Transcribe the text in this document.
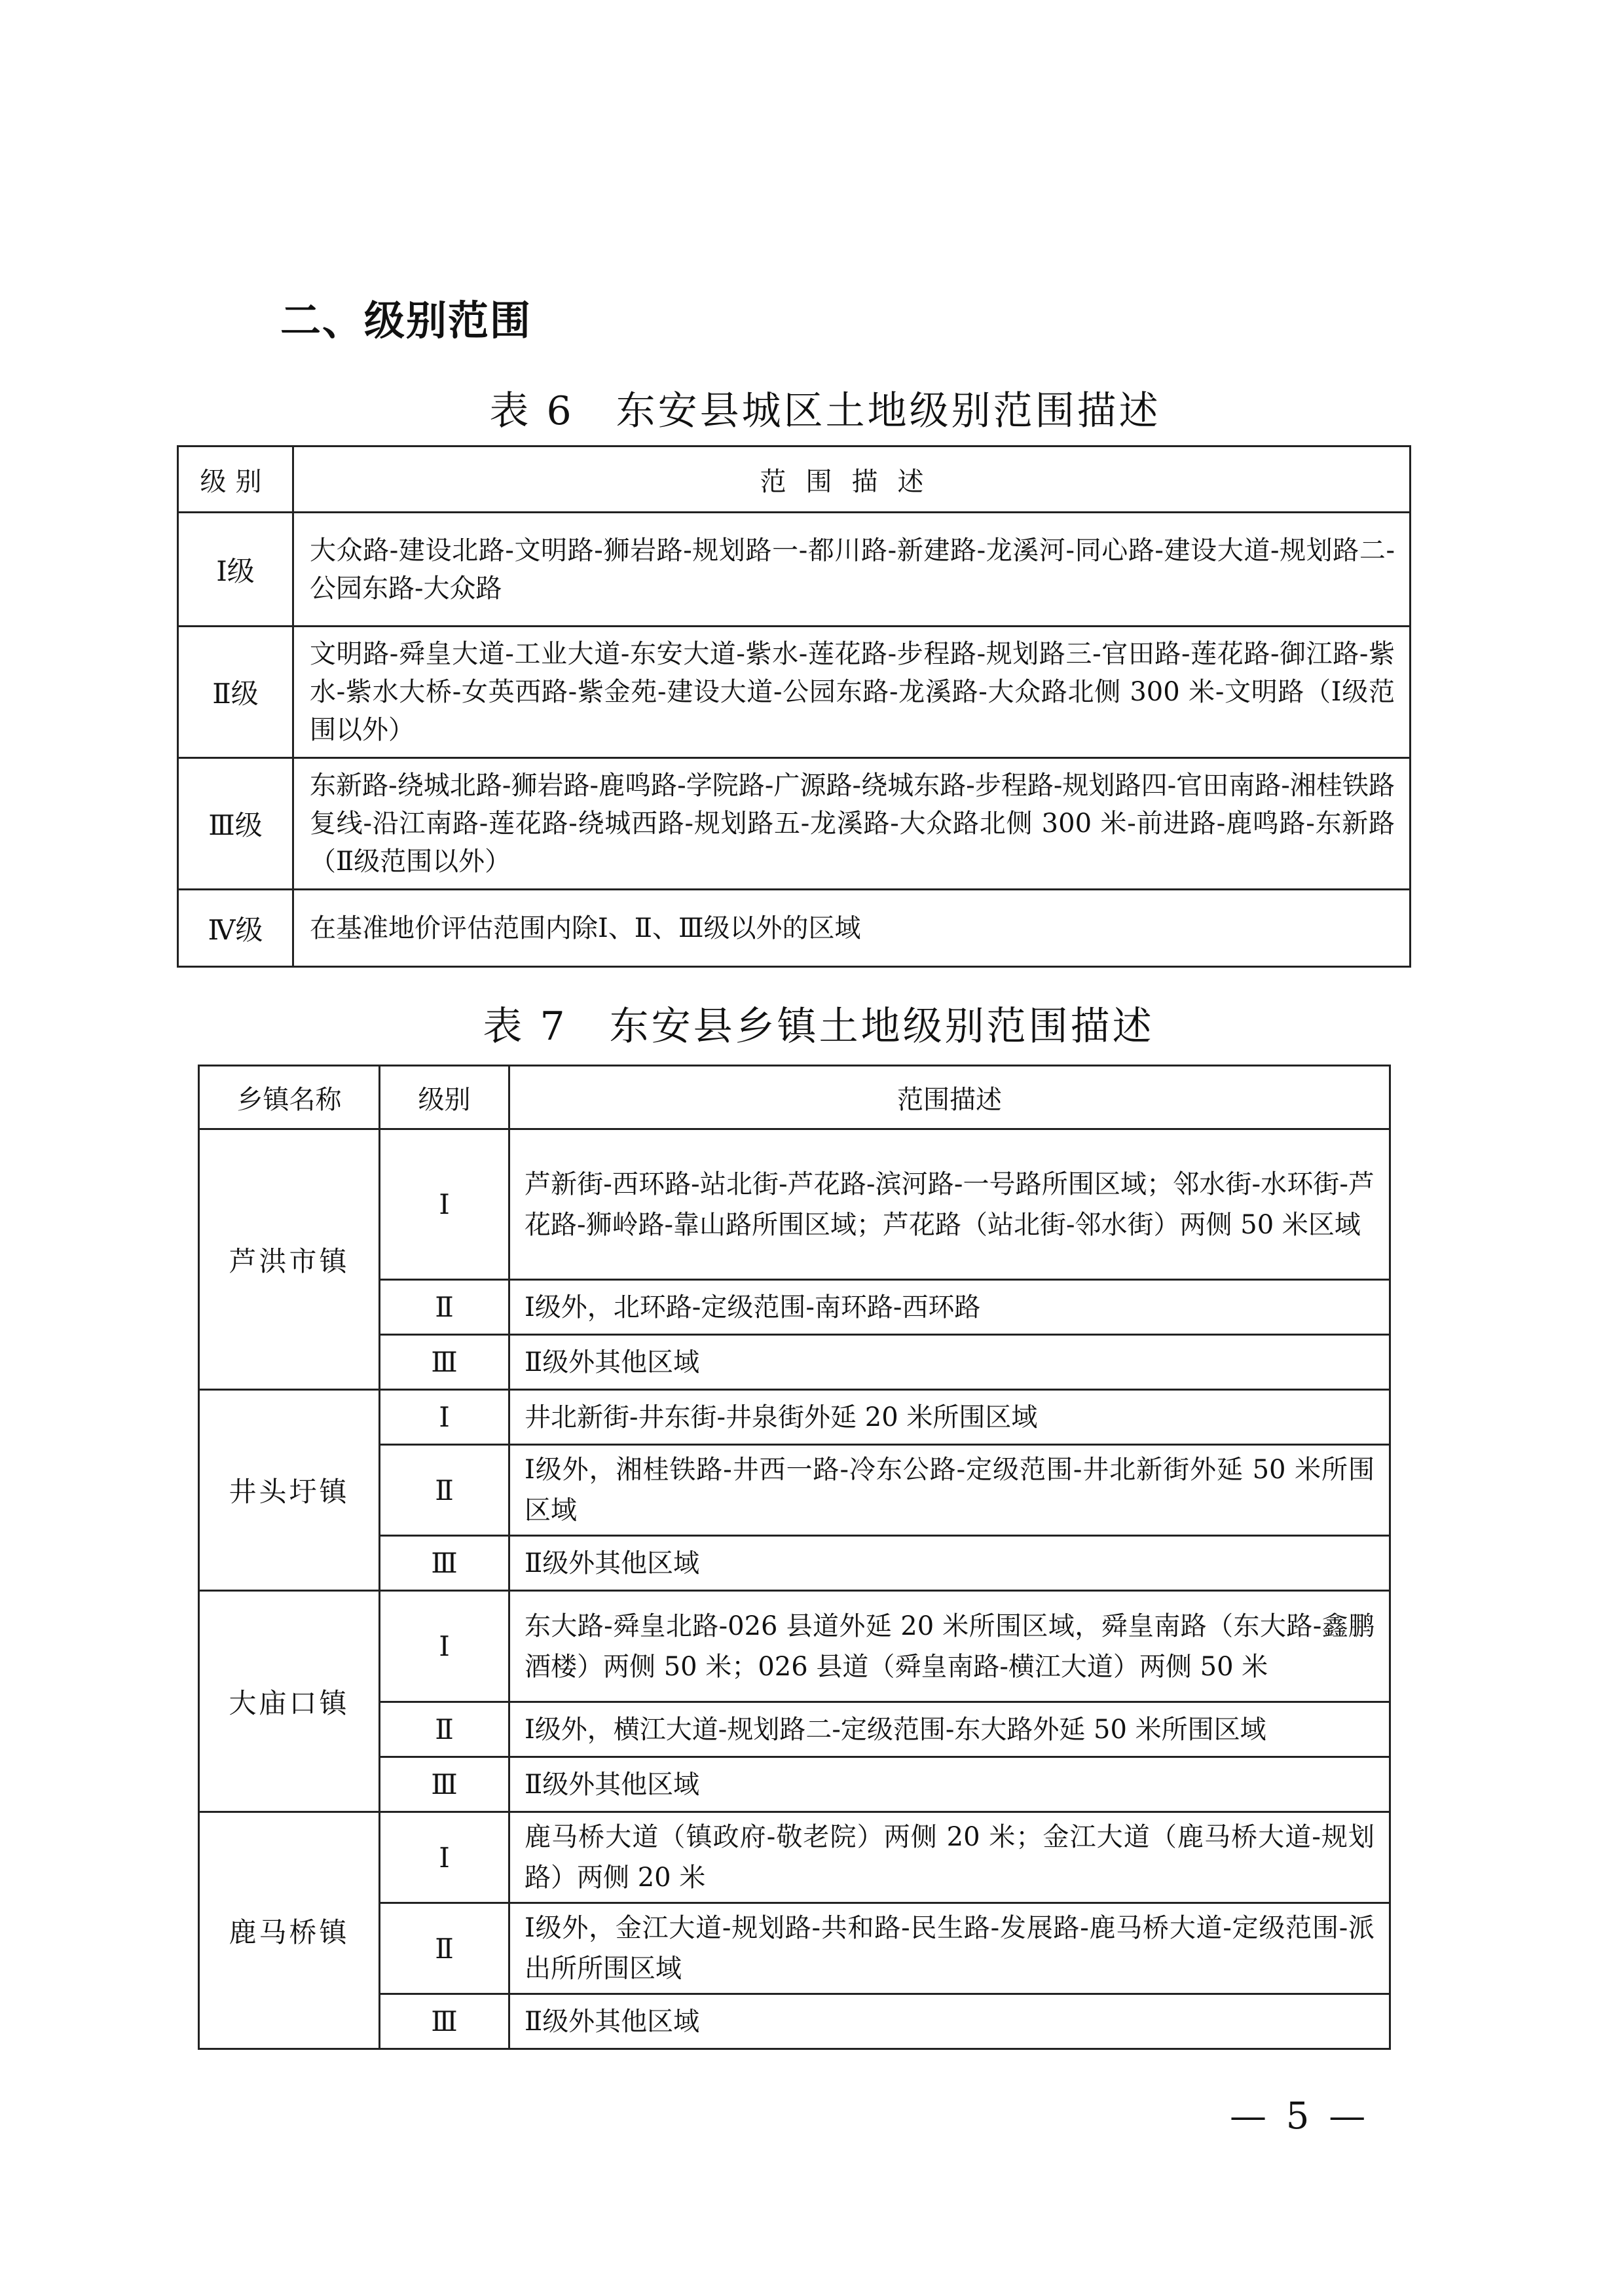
二、级别范围
表 6　东安县城区土地级别范围描述
级别	范围描述
Ⅰ级	大众路-建设北路-文明路-狮岩路-规划路一-都川路-新建路-龙溪河-同心路-建设大道-规划路二-公园东路-大众路
Ⅱ级	文明路-舜皇大道-工业大道-东安大道-紫水-莲花路-步程路-规划路三-官田路-莲花路-御江路-紫水-紫水大桥-女英西路-紫金苑-建设大道-公园东路-龙溪路-大众路北侧 300 米-文明路（Ⅰ级范围以外）
Ⅲ级	东新路-绕城北路-狮岩路-鹿鸣路-学院路-广源路-绕城东路-步程路-规划路四-官田南路-湘桂铁路复线-沿江南路-莲花路-绕城西路-规划路五-龙溪路-大众路北侧 300 米-前进路-鹿鸣路-东新路（Ⅱ级范围以外）
Ⅳ级	在基准地价评估范围内除Ⅰ、Ⅱ、Ⅲ级以外的区域
表 7　东安县乡镇土地级别范围描述
乡镇名称	级别	范围描述
芦洪市镇	Ⅰ	芦新街-西环路-站北街-芦花路-滨河路-一号路所围区域；邻水街-水环街-芦花路-狮岭路-靠山路所围区域；芦花路（站北街-邻水街）两侧 50 米区域
	Ⅱ	Ⅰ级外，北环路-定级范围-南环路-西环路
	Ⅲ	Ⅱ级外其他区域
井头圩镇	Ⅰ	井北新街-井东街-井泉街外延 20 米所围区域
	Ⅱ	Ⅰ级外，湘桂铁路-井西一路-冷东公路-定级范围-井北新街外延 50 米所围区域
	Ⅲ	Ⅱ级外其他区域
大庙口镇	Ⅰ	东大路-舜皇北路-026 县道外延 20 米所围区域，舜皇南路（东大路-鑫鹏酒楼）两侧 50 米；026 县道（舜皇南路-横江大道）两侧 50 米
	Ⅱ	Ⅰ级外，横江大道-规划路二-定级范围-东大路外延 50 米所围区域
	Ⅲ	Ⅱ级外其他区域
鹿马桥镇	Ⅰ	鹿马桥大道（镇政府-敬老院）两侧 20 米；金江大道（鹿马桥大道-规划路）两侧 20 米
	Ⅱ	Ⅰ级外，金江大道-规划路-共和路-民生路-发展路-鹿马桥大道-定级范围-派出所所围区域
	Ⅲ	Ⅱ级外其他区域
— 5 —
